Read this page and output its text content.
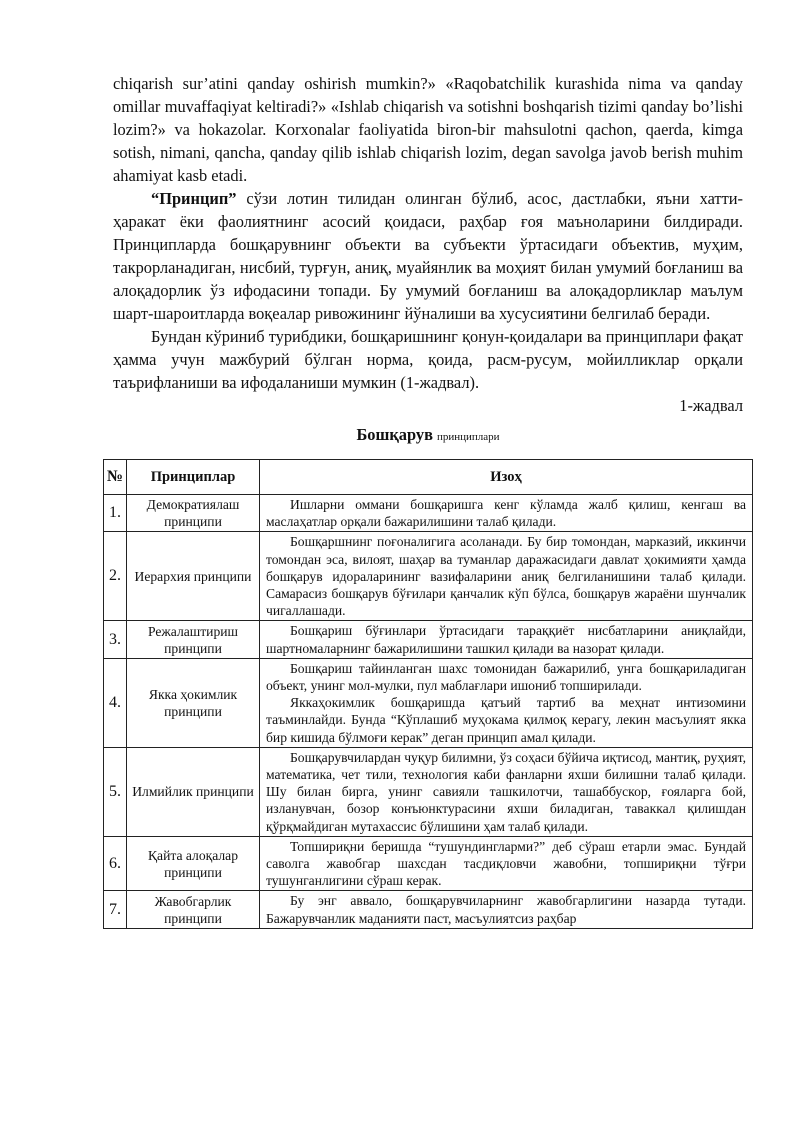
chiqarish sur’atini qanday oshirish mumkin?» «Raqobatchilik kurashida nima va qanday omillar muvaffaqiyat keltiradi?» «Ishlab chiqarish va sotishni boshqarish tizimi qanday bo’lishi lozim?» va hokazolar. Korxonalar faoliyatida biron-bir mahsulotni qachon, qaerda, kimga sotish, nimani, qancha, qanday qilib ishlab chiqarish lozim, degan savolga javob berish muhim ahamiyat kasb etadi.

“Принцип” сўзи лотин тилидан олинган бўлиб, асос, дастлабки, яъни хатти-ҳаракат ёки фаолиятнинг асосий қоидаси, раҳбар ғоя маъноларини билдиради. Принципларда бошқарувнинг объекти ва субъекти ўртасидаги объектив, муҳим, такрорланадиган, нисбий, турғун, аниқ, муайянлик ва моҳият билан умумий боғланиш ва алоқадорлик ўз ифодасини топади. Бу умумий боғланиш ва алоқадорликлар маълум шарт-шароитларда воқеалар ривожининг йўналиши ва хусусиятини белгилаб беради.

Бундан кўриниб турибдики, бошқаришнинг қонун-қоидалари ва принциплари фақат ҳамма учун мажбурий бўлган норма, қоида, расм-русум, мойилликлар орқали таърифланиши ва ифодаланиши мумкин (1-жадвал).

1-жадвал

Бошқарув принциплари
№	Принциплар	Изоҳ
1.	Демократиялаш принципи	Ишларни оммани бошқаришга кенг кўламда жалб қилиш, кенгаш ва маслаҳатлар орқали бажарилишини талаб қилади.

2.	Иерархия принципи	Бошқаршнинг поғоналигига асоланади. Бу бир томондан, марказий, иккинчи томондан эса, вилоят, шаҳар ва туманлар даражасидаги давлат ҳокимияти ҳамда бошқарув идораларининг вазифаларини аниқ белгиланишини талаб қилади. Самарасиз бошқарув бўғилари қанчалик кўп бўлса, бошқарув жараёни шунчалик чигаллашади.

3.	Режалаштириш принципи	Бошқариш бўғинлари ўртасидаги тараққиёт нисбатларини аниқлайди, шартномаларнинг бажарилишини ташкил қилади ва назорат қилади.

4.	Якка ҳокимлик принципи	Бошқариш тайинланган шахс томонидан бажарилиб, унга бошқариладиган объект, унинг мол-мулки, пул маблағлари ишониб топширилади.

Яккаҳокимлик бошқаришда қатъий тартиб ва меҳнат интизомини таъминлайди. Бунда “Кўплашиб муҳокама қилмоқ керагу, лекин масъулият якка бир кишида бўлмоғи керак” деган принцип амал қилади.

5.	Илмийлик принципи	Бошқарувчилардан чуқур билимни, ўз соҳаси бўйича иқтисод, мантиқ, руҳият, математика, чет тили, технология каби фанларни яхши билишни талаб қилади. Шу билан бирга, унинг савияли ташкилотчи, ташаббускор, ғояларга бой, изланувчан, бозор конъюнктурасини яхши биладиган, таваккал қилишдан қўрқмайдиган мутахассис бўлишини ҳам талаб қилади.

6.	Қайта алоқалар принципи	Топшириқни беришда “тушундингларми?” деб сўраш етарли эмас. Бундай саволга жавобгар шахсдан тасдиқловчи жавобни, топшириқни тўғри тушунганлигини сўраш керак.

7.	Жавобгарлик принципи	Бу энг аввало, бошқарувчиларнинг жавобгарлигини назарда тутади. Бажарувчанлик маданияти паст, масъулиятсиз раҳбар
